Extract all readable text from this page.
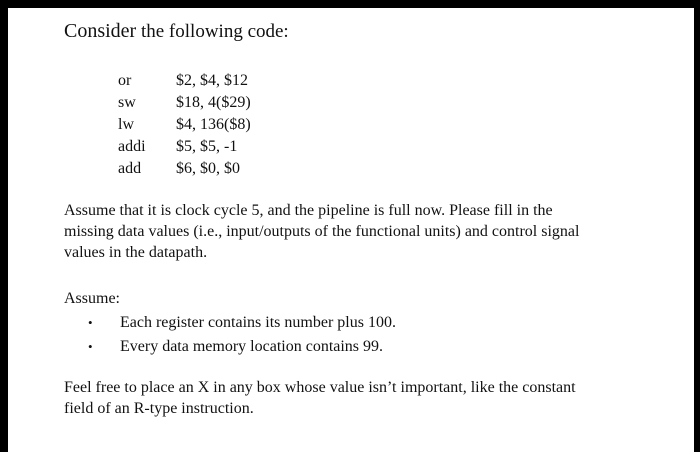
Consider the following code:
or	$2, $4, $12
sw	$18, 4($29)
lw	$4, 136($8)
addi	$5, $5, -1
add	$6, $0, $0
Assume that it is clock cycle 5, and the pipeline is full now. Please fill in the
missing data values (i.e., input/outputs of the functional units) and control signal
values in the datapath.
Assume:
•	Each register contains its number plus 100.
•	Every data memory location contains 99.
Feel free to place an X in any box whose value isn’t important, like the constant
field of an R-type instruction.
